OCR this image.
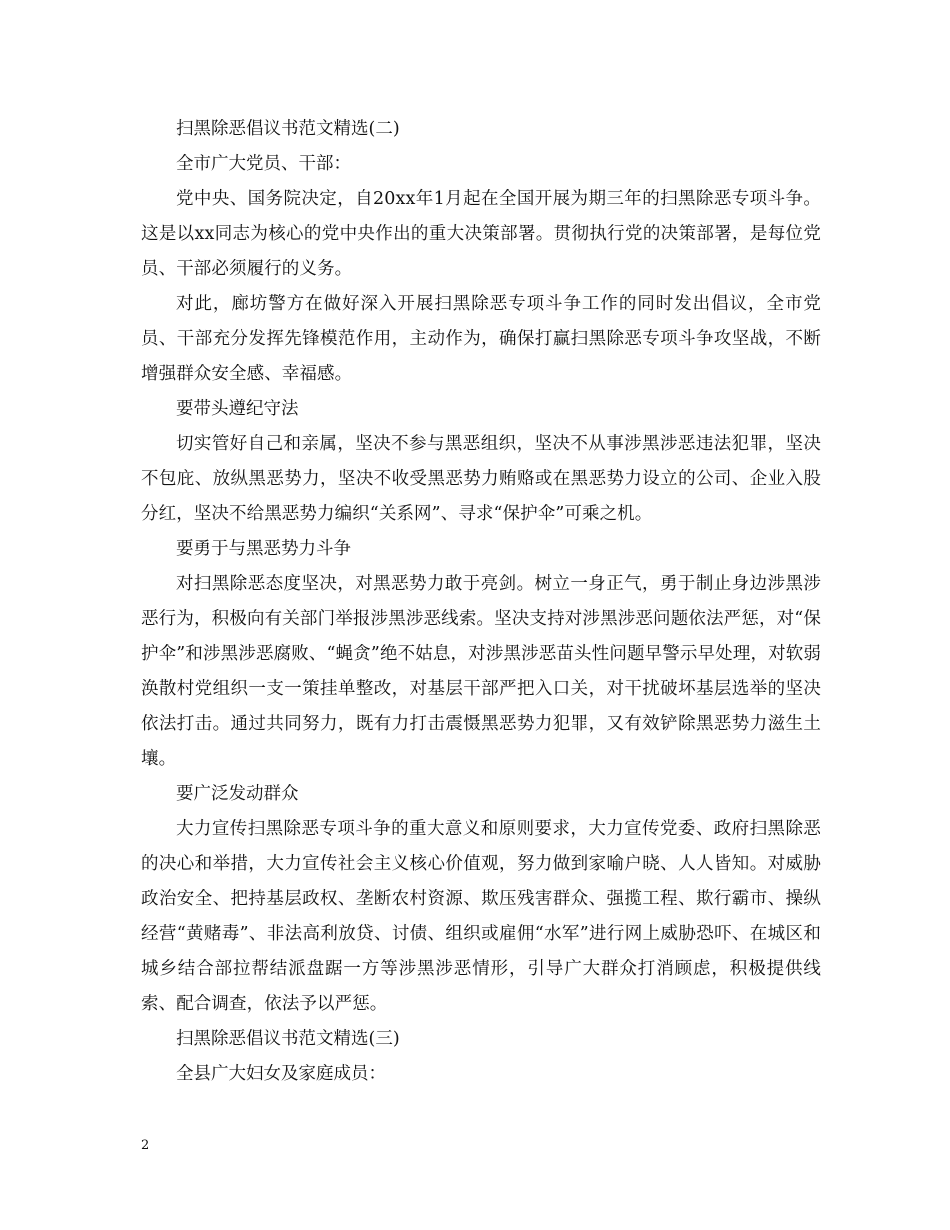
扫黑除恶倡议书范文精选(二)

全市广大党员、干部：

党中央、国务院决定，自20xx年1月起在全国开展为期三年的扫黑除恶专项斗争。这是以xx同志为核心的党中央作出的重大决策部署。贯彻执行党的决策部署，是每位党员、干部必须履行的义务。

对此，廊坊警方在做好深入开展扫黑除恶专项斗争工作的同时发出倡议，全市党员、干部充分发挥先锋模范作用，主动作为，确保打赢扫黑除恶专项斗争攻坚战，不断增强群众安全感、幸福感。

要带头遵纪守法

切实管好自己和亲属，坚决不参与黑恶组织，坚决不从事涉黑涉恶违法犯罪，坚决不包庇、放纵黑恶势力，坚决不收受黑恶势力贿赂或在黑恶势力设立的公司、企业入股分红，坚决不给黑恶势力编织“关系网”、寻求“保护伞”可乘之机。

要勇于与黑恶势力斗争

对扫黑除恶态度坚决，对黑恶势力敢于亮剑。树立一身正气，勇于制止身边涉黑涉恶行为，积极向有关部门举报涉黑涉恶线索。坚决支持对涉黑涉恶问题依法严惩，对“保护伞”和涉黑涉恶腐败、“蝇贪”绝不姑息，对涉黑涉恶苗头性问题早警示早处理，对软弱涣散村党组织一支一策挂单整改，对基层干部严把入口关，对干扰破坏基层选举的坚决依法打击。通过共同努力，既有力打击震慑黑恶势力犯罪，又有效铲除黑恶势力滋生土壤。

要广泛发动群众

大力宣传扫黑除恶专项斗争的重大意义和原则要求，大力宣传党委、政府扫黑除恶的决心和举措，大力宣传社会主义核心价值观，努力做到家喻户晓、人人皆知。对威胁政治安全、把持基层政权、垄断农村资源、欺压残害群众、强揽工程、欺行霸市、操纵经营“黄赌毒”、非法高利放贷、讨债、组织或雇佣“水军”进行网上威胁恐吓、在城区和城乡结合部拉帮结派盘踞一方等涉黑涉恶情形，引导广大群众打消顾虑，积极提供线索、配合调查，依法予以严惩。

扫黑除恶倡议书范文精选(三)

全县广大妇女及家庭成员：

2
